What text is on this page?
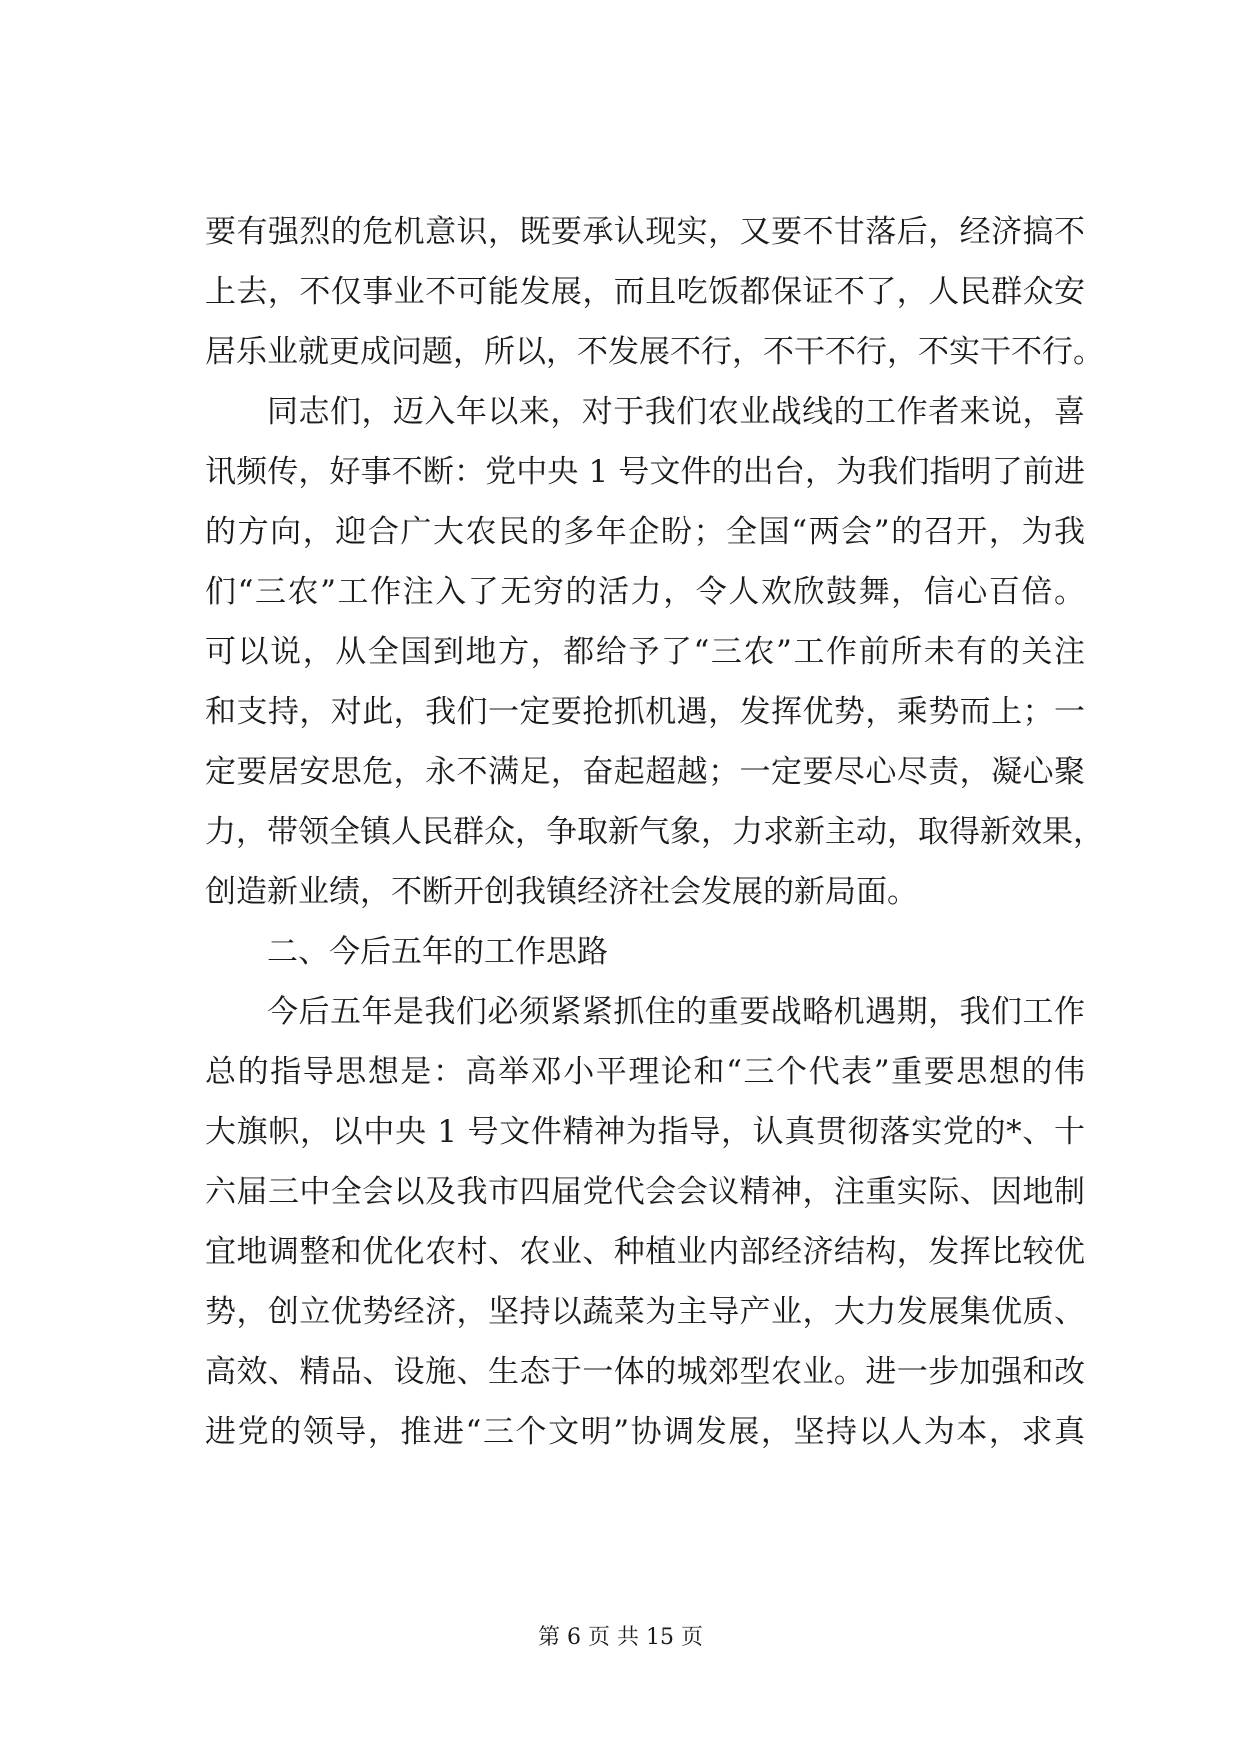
要有强烈的危机意识，既要承认现实，又要不甘落后，经济搞不
上去，不仅事业不可能发展，而且吃饭都保证不了，人民群众安
居乐业就更成问题，所以，不发展不行，不干不行，不实干不行。
同志们，迈入年以来，对于我们农业战线的工作者来说，喜
讯频传，好事不断：党中央 1 号文件的出台，为我们指明了前进
的方向，迎合广大农民的多年企盼；全国“两会”的召开，为我
们“三农”工作注入了无穷的活力，令人欢欣鼓舞，信心百倍。
可以说，从全国到地方，都给予了“三农”工作前所未有的关注
和支持，对此，我们一定要抢抓机遇，发挥优势，乘势而上；一
定要居安思危，永不满足，奋起超越；一定要尽心尽责，凝心聚
力，带领全镇人民群众，争取新气象，力求新主动，取得新效果，
创造新业绩，不断开创我镇经济社会发展的新局面。
二、今后五年的工作思路
今后五年是我们必须紧紧抓住的重要战略机遇期，我们工作
总的指导思想是：高举邓小平理论和“三个代表”重要思想的伟
大旗帜，以中央 1 号文件精神为指导，认真贯彻落实党的*、十
六届三中全会以及我市四届党代会会议精神，注重实际、因地制
宜地调整和优化农村、农业、种植业内部经济结构，发挥比较优
势，创立优势经济，坚持以蔬菜为主导产业，大力发展集优质、
高效、精品、设施、生态于一体的城郊型农业。进一步加强和改
进党的领导，推进“三个文明”协调发展，坚持以人为本，求真
第 6 页 共 15 页
